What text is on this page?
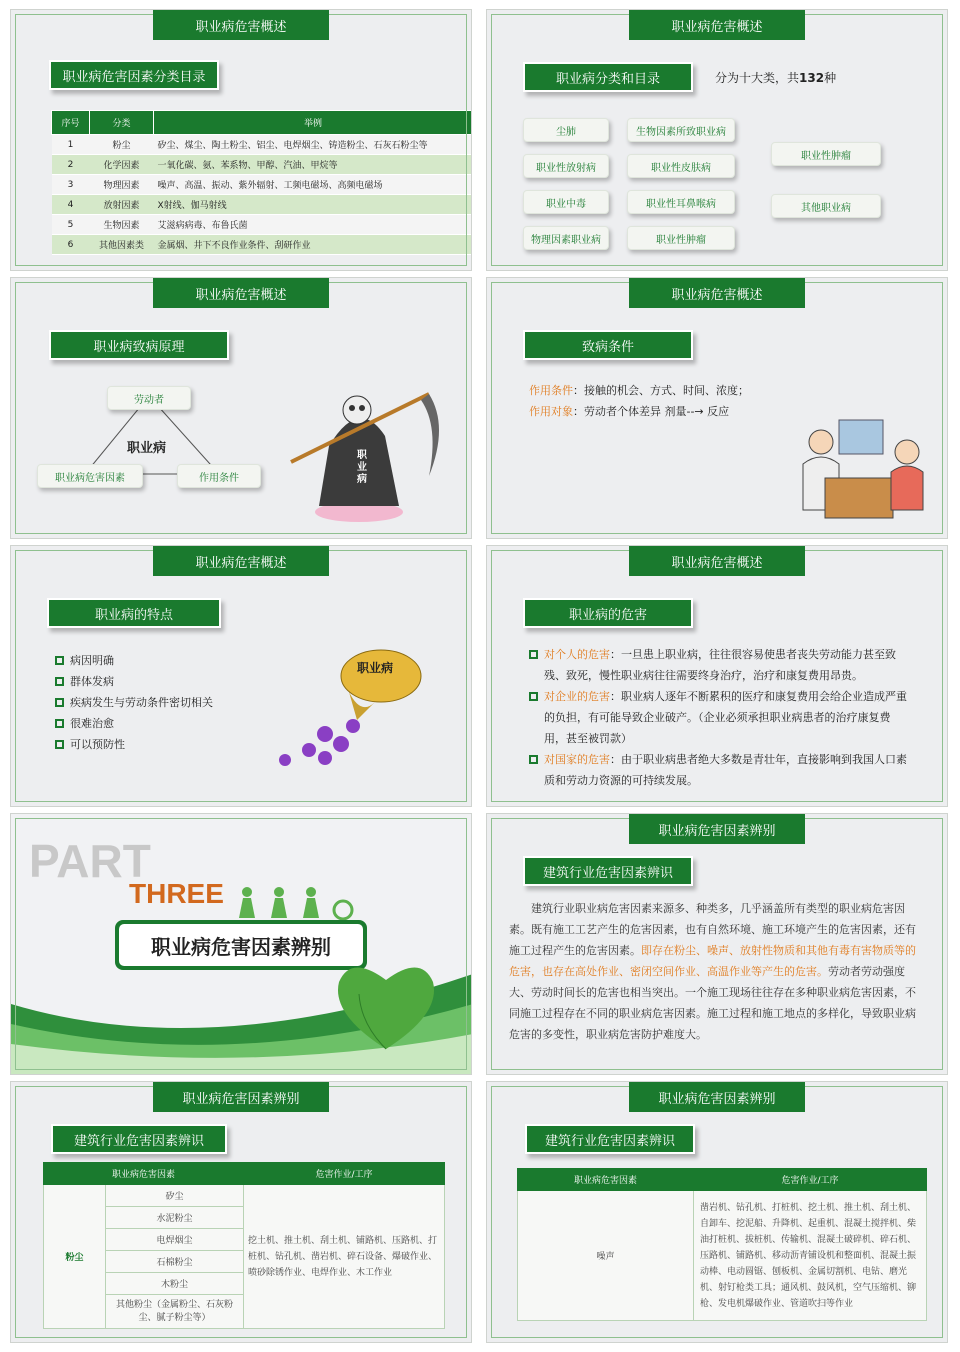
职业病危害概述
职业病危害因素分类目录
序号	分类	举例
1	粉尘	矽尘、煤尘、陶土粉尘、铝尘、电焊烟尘、铸造粉尘、石灰石粉尘等
2	化学因素	一氧化碳、氨、苯系物、甲醇、汽油、甲烷等
3	物理因素	噪声、高温、振动、紫外辐射、工频电磁场、高频电磁场
4	放射因素	X射线、伽马射线
5	生物因素	艾滋病病毒、布鲁氏菌
6	其他因素类	金属烟、井下不良作业条件、刮研作业
职业病危害概述
职业病分类和目录	分为十大类，共132种
尘肺	生物因素所致职业病
职业性放射病	职业性皮肤病
职业性肿瘤
职业中毒	职业性耳鼻喉病	其他职业病
物理因素职业病	职业性肿瘤
职业病危害概述
职业病致病原理
劳动者
职业病
职业病危害因素	作用条件
职业病
职业病危害概述
致病条件
作用条件：接触的机会、方式、时间、浓度；
作用对象：劳动者个体差异 剂量--→ 反应
职业病危害概述
职业病的特点
病因明确
群体发病
疾病发生与劳动条件密切相关
很难治愈
可以预防性
职业病
职业病危害概述
职业病的危害
对个人的危害：一旦患上职业病，往往很容易使患者丧失劳动能力甚至致残、致死，慢性职业病往往需要终身治疗，治疗和康复费用昂贵。
对企业的危害：职业病人逐年不断累积的医疗和康复费用会给企业造成严重的负担，有可能导致企业破产。（企业必须承担职业病患者的治疗康复费用，甚至被罚款）
对国家的危害：由于职业病患者绝大多数是青壮年，直接影响到我国人口素质和劳动力资源的可持续发展。
PART
THREE
职业病危害因素辨别
职业病危害因素辨别
建筑行业危害因素辨识
建筑行业职业病危害因素来源多、种类多，几乎涵盖所有类型的职业病危害因素。既有施工工艺产生的危害因素，也有自然环境、施工环境产生的危害因素，还有施工过程产生的危害因素。即存在粉尘、噪声、放射性物质和其他有毒有害物质等的危害，也存在高处作业、密闭空间作业、高温作业等产生的危害。劳动者劳动强度大、劳动时间长的危害也相当突出。一个施工现场往往存在多种职业病危害因素，不同施工过程存在不同的职业病危害因素。施工过程和施工地点的多样化，导致职业病危害的多变性，职业病危害防护难度大。
职业病危害因素辨别
建筑行业危害因素辨识
职业病危害因素		危害作业/工序
粉尘	矽尘	挖土机、推土机、刮土机、铺路机、压路机、打桩机、钻孔机、凿岩机、碎石设备、爆破作业、喷砂除锈作业、电焊作业、木工作业
	水泥粉尘	
	电焊烟尘	
	石棉粉尘	
	木粉尘	
	其他粉尘（金属粉尘、石灰粉尘、腻子粉尘等）	
职业病危害因素辨别
建筑行业危害因素辨识
职业病危害因素	危害作业/工序
噪声	凿岩机、钻孔机、打桩机、挖土机、推土机、刮土机、自卸车、挖泥船、升降机、起重机、混凝土搅拌机、柴油打桩机、拔桩机、传输机、混凝土破碎机、碎石机、压路机、铺路机、移动沥青铺设机和整面机、混凝土振动棒、电动圆锯、刨板机、金属切割机、电钻、磨光机、射钉枪类工具；通风机、鼓风机，空气压缩机、铆枪、发电机爆破作业、管道吹扫等作业
